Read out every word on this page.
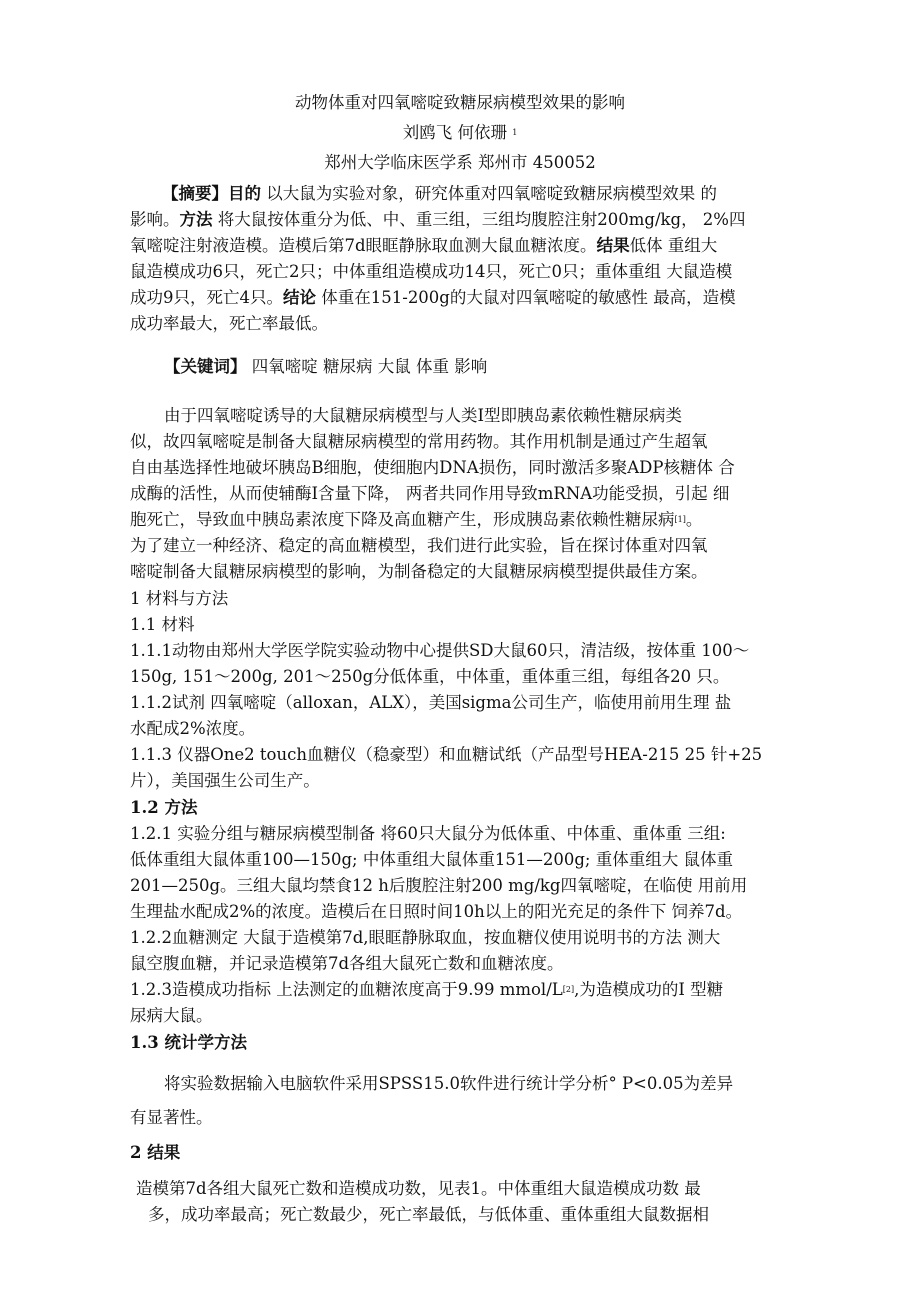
动物体重对四氧嘧啶致糖尿病模型效果的影响
刘鸥飞 何依珊 $^1$
郑州大学临床医学系 郑州市 450052
【摘要】目的 以大鼠为实验对象，研究体重对四氧嘧啶致糖尿病模型效果 的
影响。方法 将大鼠按体重分为低、中、重三组，三组均腹腔注射200mg/kg， 2%四
氧嘧啶注射液造模。造模后第7d眼眶静脉取血测大鼠血糖浓度。结果低体 重组大
鼠造模成功6只，死亡2只；中体重组造模成功14只，死亡0只；重体重组 大鼠造模
成功9只，死亡4只。结论 体重在151-200g的大鼠对四氧嘧啶的敏感性 最高，造模
成功率最大，死亡率最低。
【关键词】 四氧嘧啶 糖尿病 大鼠 体重 影响
由于四氧嘧啶诱导的大鼠糖尿病模型与人类I型即胰岛素依赖性糖尿病类
似，故四氧嘧啶是制备大鼠糖尿病模型的常用药物。其作用机制是通过产生超氧
自由基选择性地破坏胰岛B细胞，使细胞内DNA损伤，同时激活多聚ADP核糖体 合
成酶的活性，从而使辅酶I含量下降， 两者共同作用导致mRNA功能受损，引起 细
胞死亡，导致血中胰岛素浓度下降及高血糖产生，形成胰岛素依赖性糖尿病[1]。
为了建立一种经济、稳定的高血糖模型，我们进行此实验，旨在探讨体重对四氧
嘧啶制备大鼠糖尿病模型的影响，为制备稳定的大鼠糖尿病模型提供最佳方案。
1 材料与方法
1.1 材料
1.1.1动物由郑州大学医学院实验动物中心提供SD大鼠60只，清洁级，按体重 100～
150g, 151～200g, 201～250g分低体重，中体重，重体重三组，每组各20 只。
1.1.2试剂 四氧嘧啶（alloxan，ALX），美国sigma公司生产，临使用前用生理 盐
水配成2%浓度。
1.1.3 仪器One2 touch血糖仪（稳豪型）和血糖试纸（产品型号HEA-215 25 针+25
片），美国强生公司生产。
1.2 方法
1.2.1 实验分组与糖尿病模型制备 将60只大鼠分为低体重、中体重、重体重 三组:
低体重组大鼠体重100—150g; 中体重组大鼠体重151—200g; 重体重组大 鼠体重
201—250g。三组大鼠均禁食12 h后腹腔注射200 mg/kg四氧嘧啶，在临使 用前用
生理盐水配成2%的浓度。造模后在日照时间10h以上的阳光充足的条件下 饲养7d。
1.2.2血糖测定 大鼠于造模第7d,眼眶静脉取血，按血糖仪使用说明书的方法 测大
鼠空腹血糖，并记录造模第7d各组大鼠死亡数和血糖浓度。
1.2.3造模成功指标 上法测定的血糖浓度高于9.99 mmol/L[2],为造模成功的I 型糖
尿病大鼠。
1.3 统计学方法
将实验数据输入电脑软件采用SPSS15.0软件进行统计学分析° P<0.05为差异
有显著性。
2 结果
造模第7d各组大鼠死亡数和造模成功数，见表1。中体重组大鼠造模成功数 最
多，成功率最高；死亡数最少，死亡率最低，与低体重、重体重组大鼠数据相
